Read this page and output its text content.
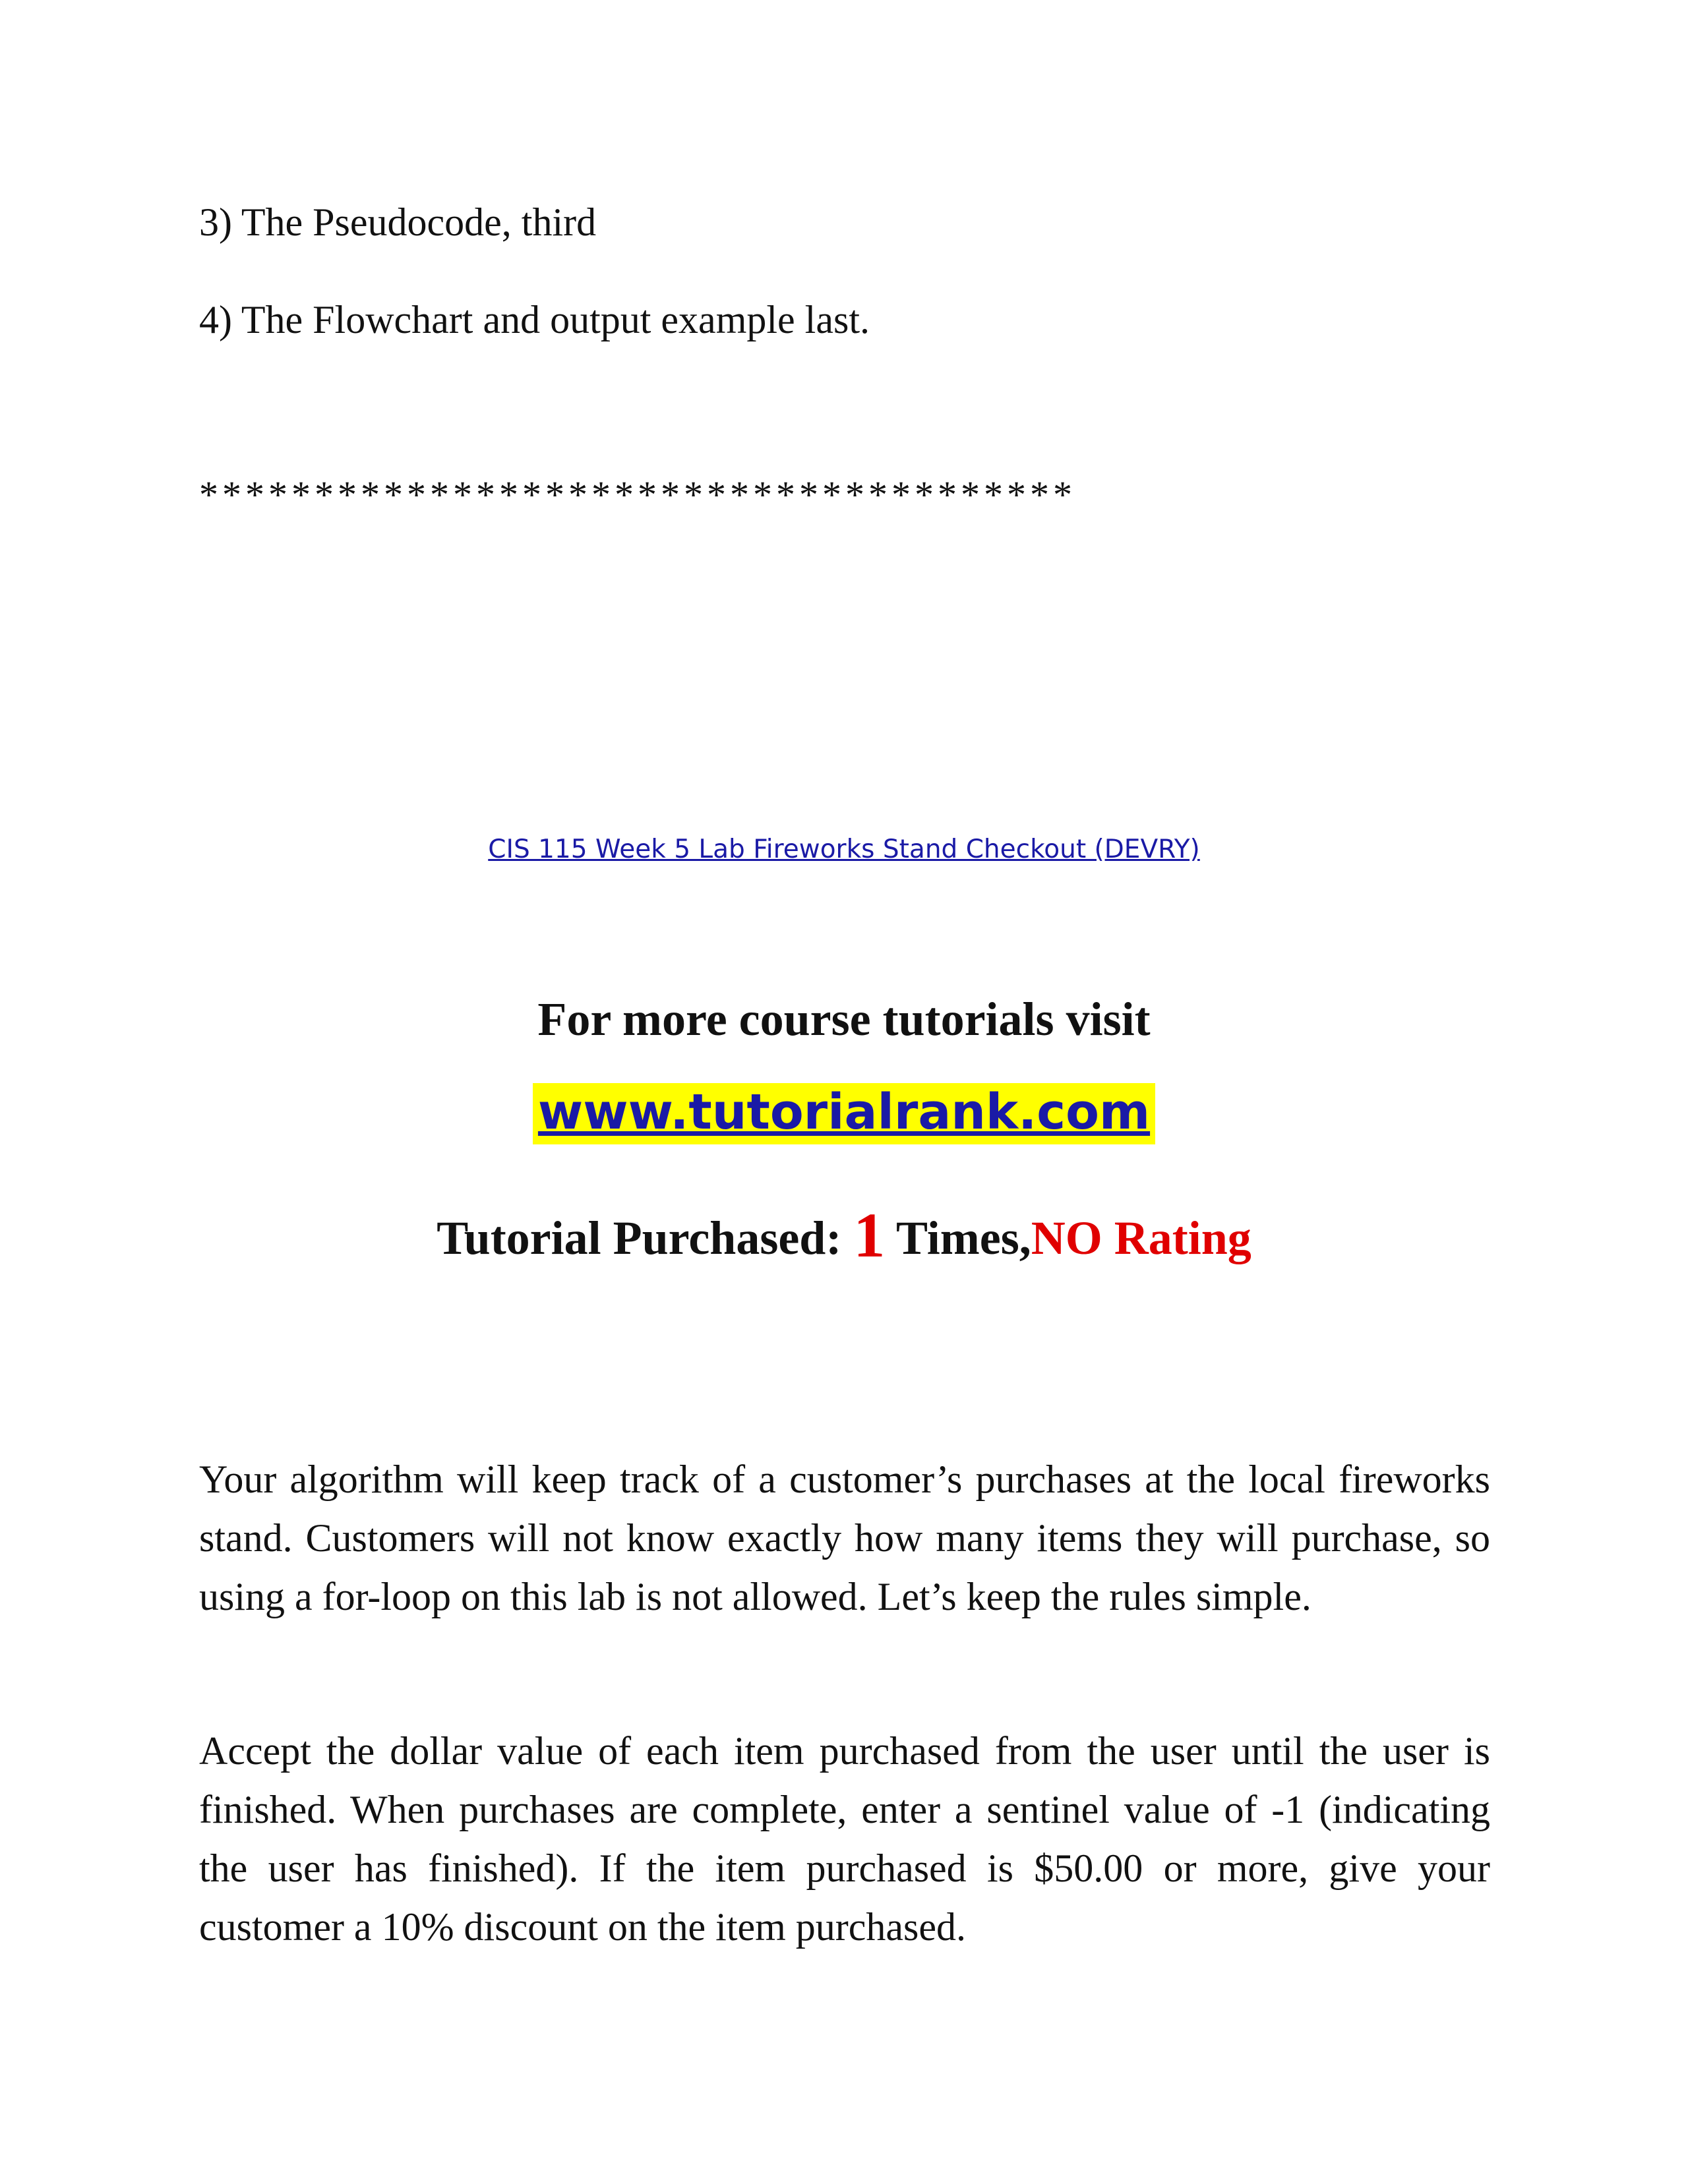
3) The Pseudocode, third
4) The Flowchart and output example last.
**************************************
CIS 115 Week 5 Lab Fireworks Stand Checkout (DEVRY)
For more course tutorials visit
www.tutorialrank.com
Tutorial Purchased: 1 Times,NO Rating

Your algorithm will keep track of a customer’s purchases at the local fireworks stand. Customers will not know exactly how many items they will purchase, so using a for-loop on this lab is not allowed. Let’s keep the rules simple.

Accept the dollar value of each item purchased from the user until the user is finished. When purchases are complete, enter a sentinel value of -1 (indicating the user has finished). If the item purchased is $50.00 or more, give your customer a 10% discount on the item purchased.
